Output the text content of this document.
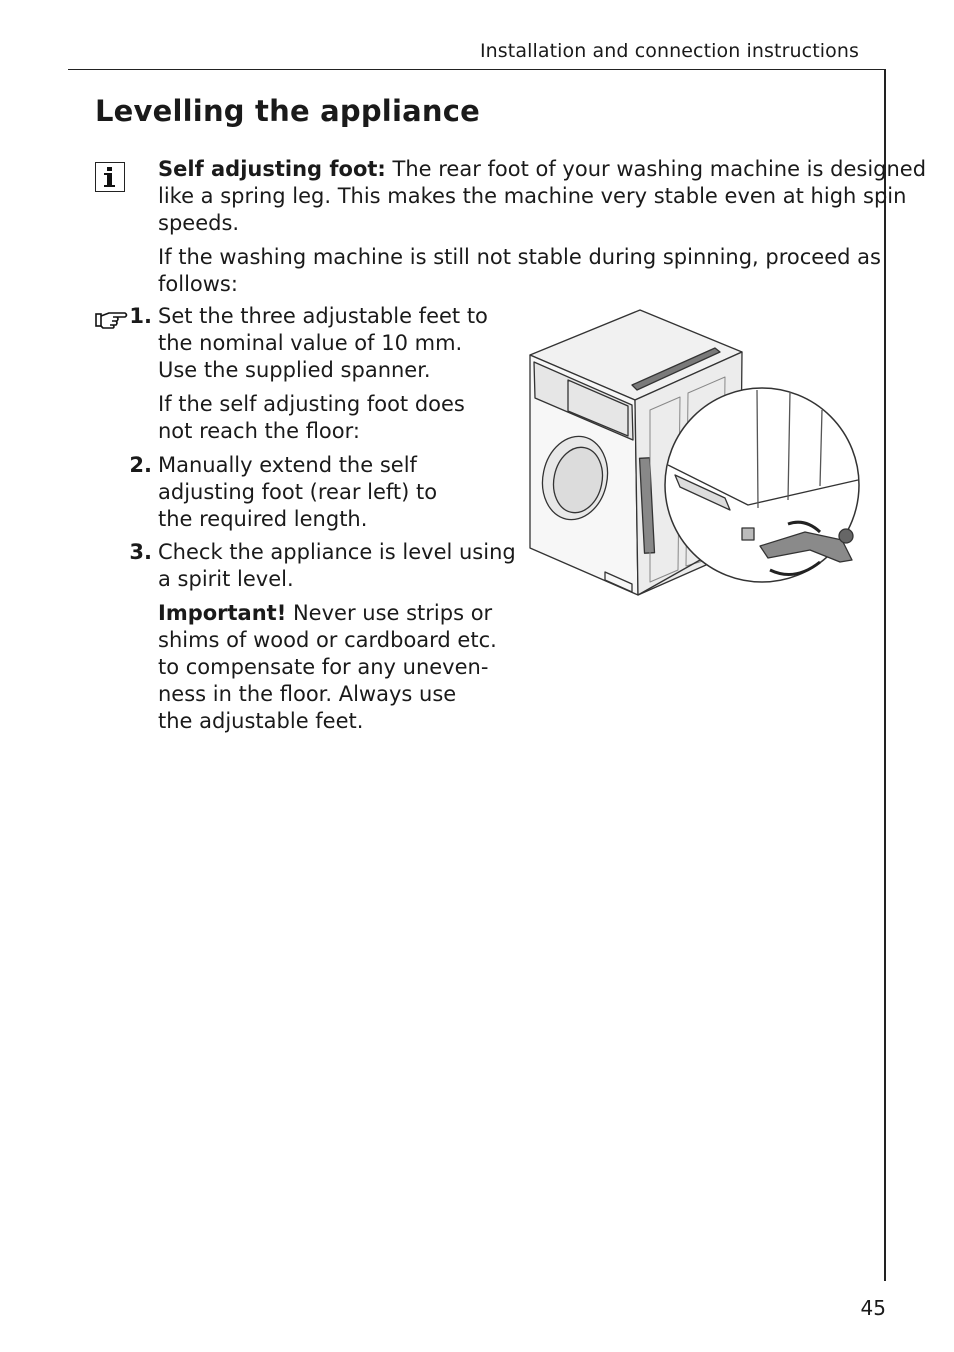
Installation and connection instructions
45
Levelling the appliance

Self adjusting foot: The rear foot of your washing machine is designed
like a spring leg. This makes the machine very stable even at high spin
speeds.

If the washing machine is still not stable during spinning, proceed as
follows:

1. Set the three adjustable feet to
the nominal value of 10 mm.
Use the supplied spanner.

If the self adjusting foot does
not reach the floor:

2. Manually extend the self
adjusting foot (rear left) to
the required length.

3. Check the appliance is level using
a spirit level.

Important! Never use strips or
shims of wood or cardboard etc.
to compensate for any uneven-
ness in the floor. Always use
the adjustable feet.
